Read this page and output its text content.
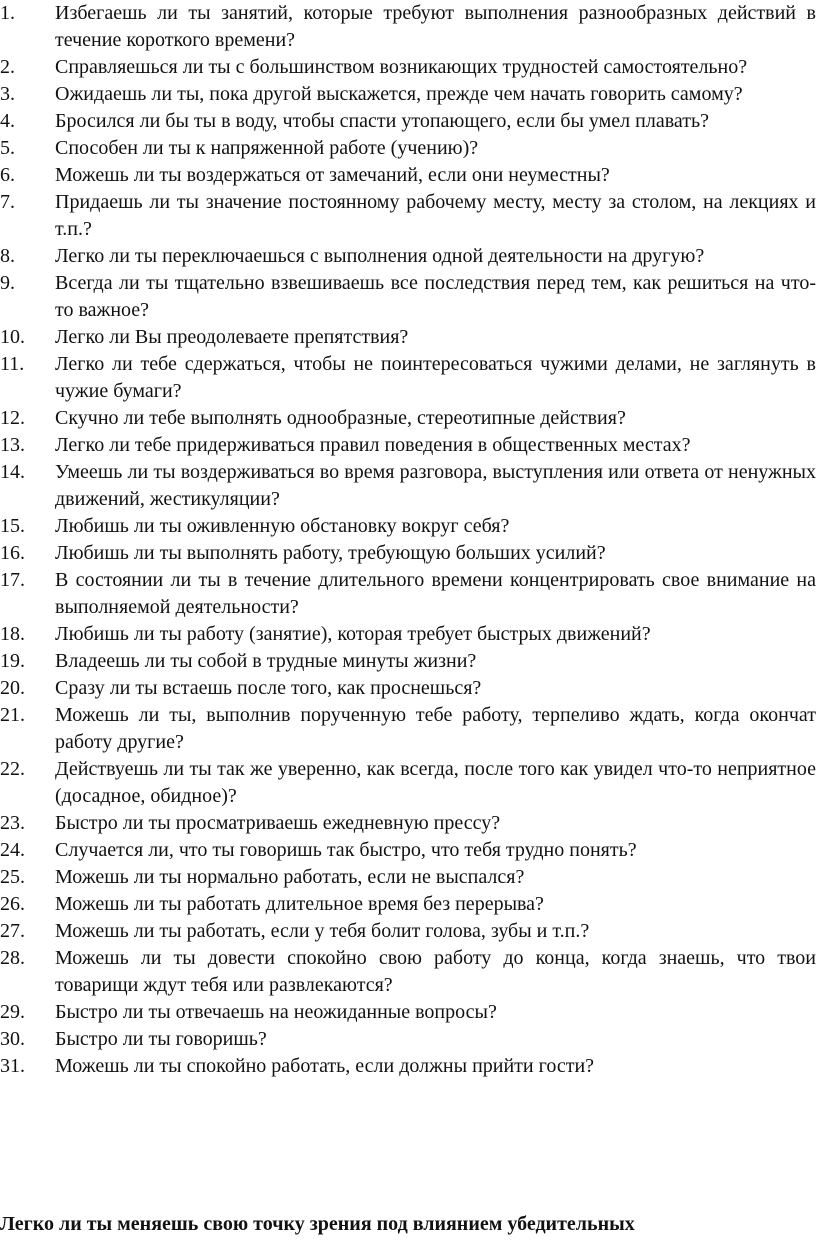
1. Избегаешь ли ты занятий, которые требуют выполнения разнообразных действий в течение короткого времени?
2. Справляешься ли ты с большинством возникающих трудностей самостоятельно?
3. Ожидаешь ли ты, пока другой выскажется, прежде чем начать говорить самому?
4. Бросился ли бы ты в воду, чтобы спасти утопающего, если бы умел плавать?
5. Способен ли ты к напряженной работе (учению)?
6. Можешь ли ты воздержаться от замечаний, если они неуместны?
7. Придаешь ли ты значение постоянному рабочему месту, месту за столом, на лекциях и т.п.?
8. Легко ли ты переключаешься с выполнения одной деятельности на другую?
9. Всегда ли ты тщательно взвешиваешь все последствия перед тем, как решиться на что-то важное?
10. Легко ли Вы преодолеваете препятствия?
11. Легко ли тебе сдержаться, чтобы не поинтересоваться чужими делами, не заглянуть в чужие бумаги?
12. Скучно ли тебе выполнять однообразные, стереотипные действия?
13. Легко ли тебе придерживаться правил поведения в общественных местах?
14. Умеешь ли ты воздерживаться во время разговора, выступления или ответа от ненужных движений, жестикуляции?
15. Любишь ли ты оживленную обстановку вокруг себя?
16. Любишь ли ты выполнять работу, требующую больших усилий?
17. В состоянии ли ты в течение длительного времени концентрировать свое внимание на выполняемой деятельности?
18. Любишь ли ты работу (занятие), которая требует быстрых движений?
19. Владеешь ли ты собой в трудные минуты жизни?
20. Сразу ли ты встаешь после того, как проснешься?
21. Можешь ли ты, выполнив порученную тебе работу, терпеливо ждать, когда окончат работу другие?
22. Действуешь ли ты так же уверенно, как всегда, после того как увидел что-то неприятное (досадное, обидное)?
23. Быстро ли ты просматриваешь ежедневную прессу?
24. Случается ли, что ты говоришь так быстро, что тебя трудно понять?
25. Можешь ли ты нормально работать, если не выспался?
26. Можешь ли ты работать длительное время без перерыва?
27. Можешь ли ты работать, если у тебя болит голова, зубы и т.п.?
28. Можешь ли ты довести спокойно свою работу до конца, когда знаешь, что твои товарищи ждут тебя или развлекаются?
29. Быстро ли ты отвечаешь на неожиданные вопросы?
30. Быстро ли ты говоришь?
31. Можешь ли ты спокойно работать, если должны прийти гости?
Легко ли ты меняешь свою точку зрения под влиянием убедительных
